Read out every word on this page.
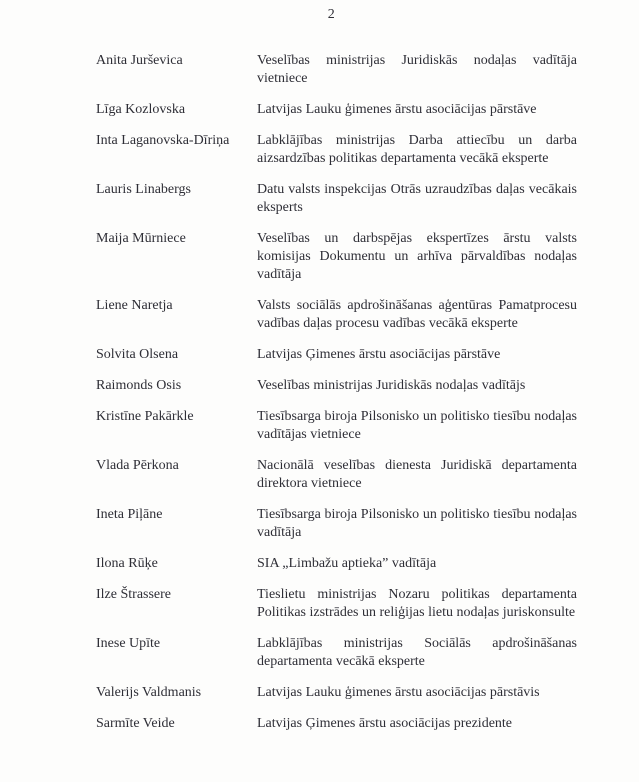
2
Anita Jurševica	Veselības ministrijas Juridiskās nodaļas vadītāja vietniece
Līga Kozlovska	Latvijas Lauku ģimenes ārstu asociācijas pārstāve
Inta Laganovska-Dīriņa	Labklājības ministrijas Darba attiecību un darba aizsardzības politikas departamenta vecākā eksperte
Lauris Linabergs	Datu valsts inspekcijas Otrās uzraudzības daļas vecākais eksperts
Maija Mūrniece	Veselības un darbspējas ekspertīzes ārstu valsts komisijas Dokumentu un arhīva pārvaldības nodaļas vadītāja
Liene Naretja	Valsts sociālās apdrošināšanas aģentūras Pamatprocesu vadības daļas procesu vadības vecākā eksperte
Solvita Olsena	Latvijas Ģimenes ārstu asociācijas pārstāve
Raimonds Osis	Veselības ministrijas Juridiskās nodaļas vadītājs
Kristīne Pakārkle	Tiesībsarga biroja Pilsonisko un politisko tiesību nodaļas vadītājas vietniece
Vlada Pērkona	Nacionālā veselības dienesta Juridiskā departamenta direktora vietniece
Ineta Piļāne	Tiesībsarga biroja Pilsonisko un politisko tiesību nodaļas vadītāja
Ilona Rūķe	SIA „Limbažu aptieka” vadītāja
Ilze Štrassere	Tieslietu ministrijas Nozaru politikas departamenta Politikas izstrādes un reliģijas lietu nodaļas juriskonsulte
Inese Upīte	Labklājības ministrijas Sociālās apdrošināšanas departamenta vecākā eksperte
Valerijs Valdmanis	Latvijas Lauku ģimenes ārstu asociācijas pārstāvis
Sarmīte Veide	Latvijas Ģimenes ārstu asociācijas prezidente
